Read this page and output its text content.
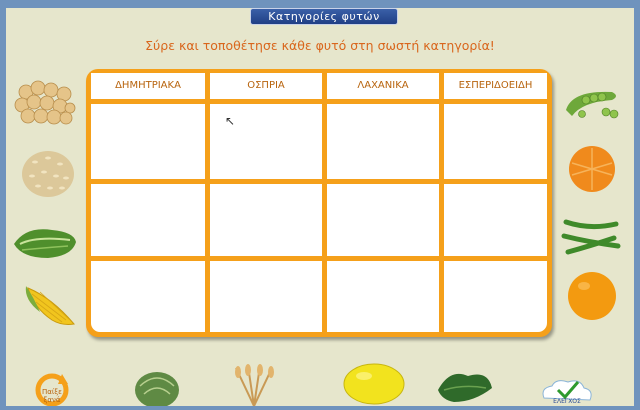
Κατηγορίες φυτών
Σύρε και τοποθέτησε κάθε φυτό στη σωστή κατηγορία!
ΔΗΜΗΤΡΙΑΚΑ	ΟΣΠΡΙΑ	ΛΑΧΑΝΙΚΑ	ΕΣΠΕΡΙΔΟΕΙΔΗ
↖
Παίξε ξανά	ΕΛΕΓΧΟΣ
